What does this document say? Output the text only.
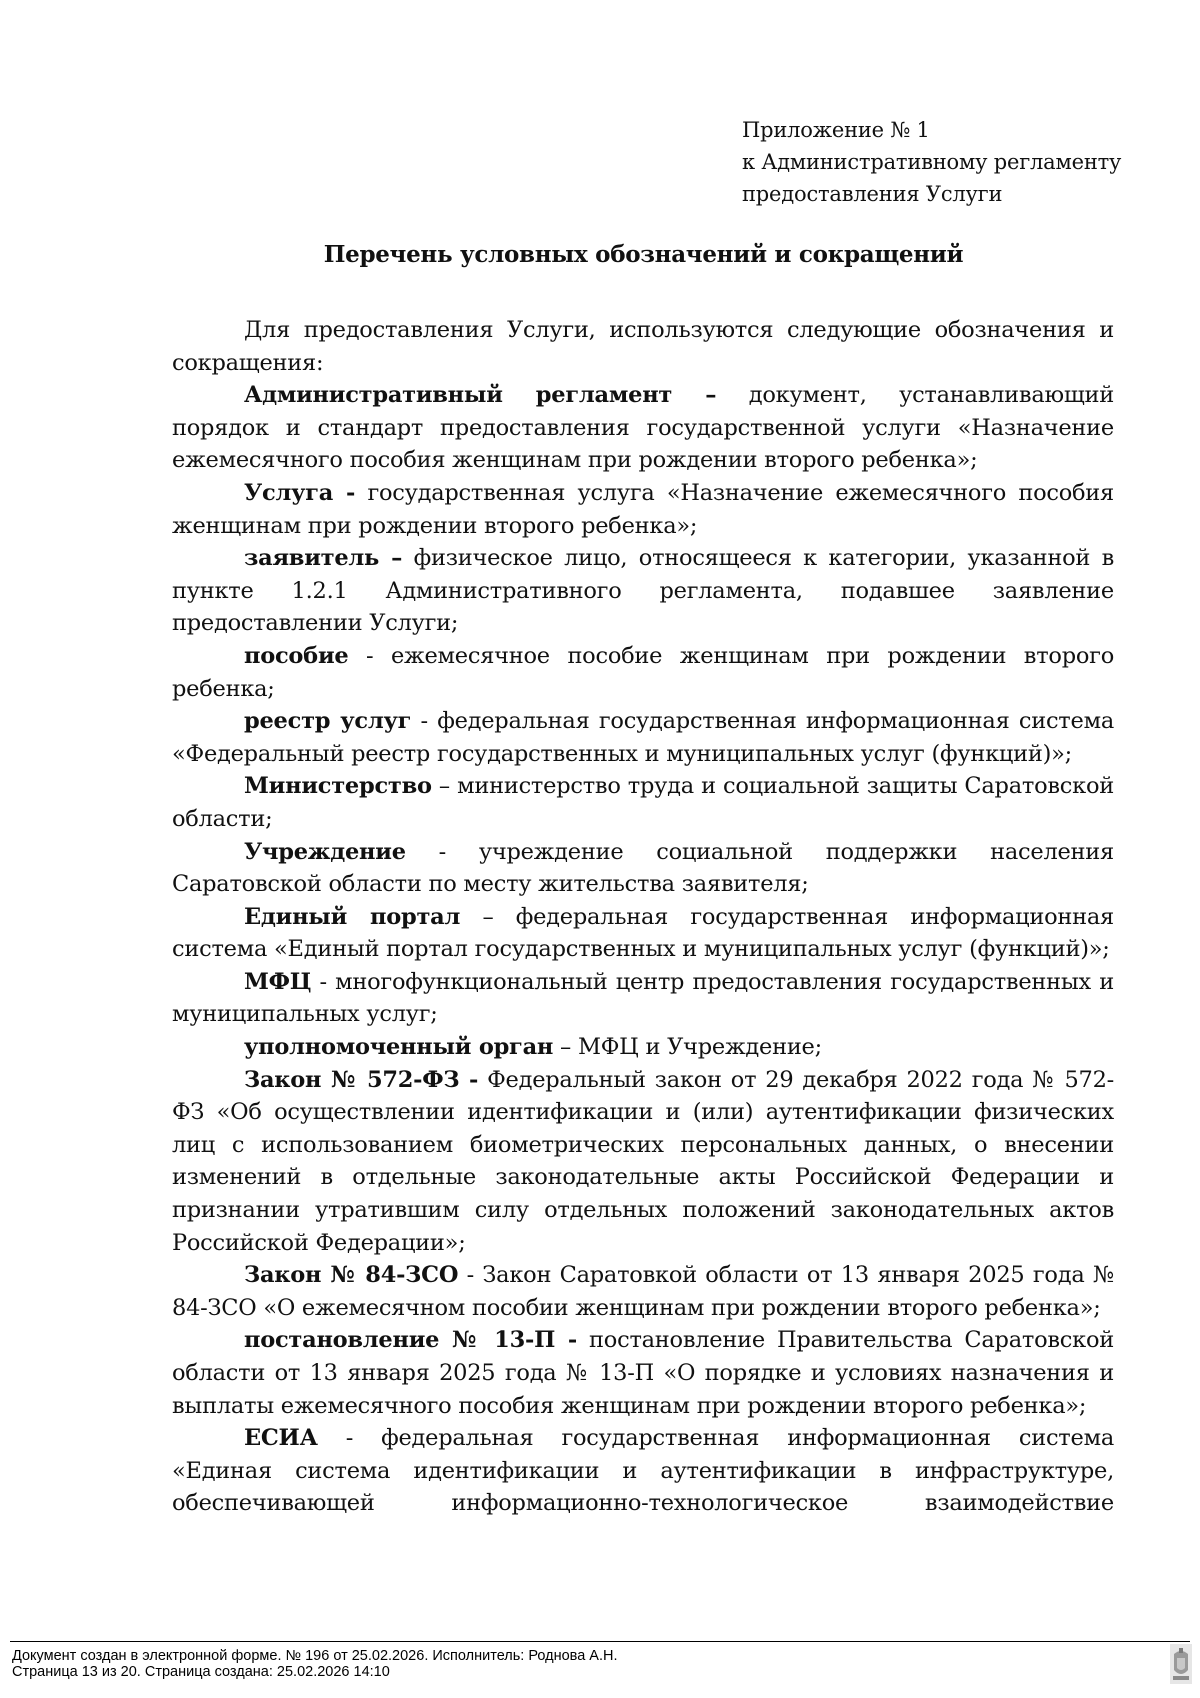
Приложение № 1
к Административному регламенту
предоставления Услуги
Перечень условных обозначений и сокращений

Для предоставления Услуги, используются следующие обозначения и сокращения:

Административный регламент – документ, устанавливающий порядок и стандарт предоставления государственной услуги «Назначение ежемесячного пособия женщинам при рождении второго ребенка»;

Услуга - государственная услуга «Назначение ежемесячного пособия женщинам при рождении второго ребенка»;

заявитель – физическое лицо, относящееся к категории, указанной в пункте 1.2.1 Административного регламента, подавшее заявление предоставлении Услуги;

пособие - ежемесячное пособие женщинам при рождении второго ребенка;

реестр услуг - федеральная государственная информационная система «Федеральный реестр государственных и муниципальных услуг (функций)»;

Министерство – министерство труда и социальной защиты Саратовской области;

Учреждение - учреждение социальной поддержки населения Саратовской области по месту жительства заявителя;

Единый портал – федеральная государственная информационная система «Единый портал государственных и муниципальных услуг (функций)»;

МФЦ - многофункциональный центр предоставления государственных и муниципальных услуг;

уполномоченный орган – МФЦ и Учреждение;

Закон № 572-ФЗ - Федеральный закон от 29 декабря 2022 года № 572-ФЗ «Об осуществлении идентификации и (или) аутентификации физических лиц с использованием биометрических персональных данных, о внесении изменений в отдельные законодательные акты Российской Федерации и признании утратившим силу отдельных положений законодательных актов Российской Федерации»;

Закон № 84-ЗСО - Закон Саратовкой области от 13 января 2025 года № 84-ЗСО «О ежемесячном пособии женщинам при рождении второго ребенка»;

постановление № 13-П - постановление Правительства Саратовской области от 13 января 2025 года № 13-П «О порядке и условиях назначения и выплаты ежемесячного пособия женщинам при рождении второго ребенка»;

ЕСИА - федеральная государственная информационная система «Единая система идентификации и аутентификации в инфраструктуре, обеспечивающей информационно-технологическое взаимодействие

Документ создан в электронной форме. № 196 от 25.02.2026. Исполнитель: Роднова А.Н.
Страница 13 из 20. Страница создана: 25.02.2026 14:10
